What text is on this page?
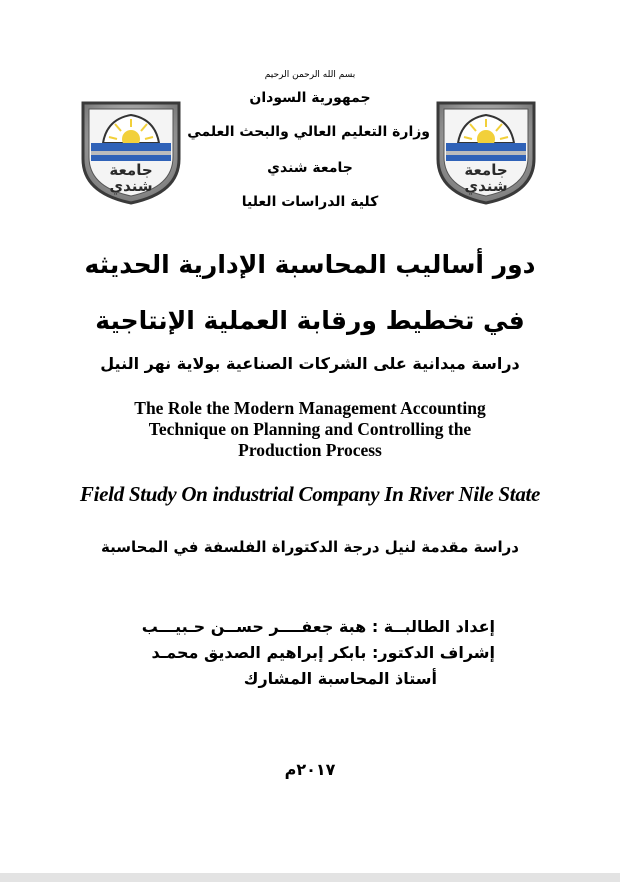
جامعة
شندي
جامعة
شندي
بسم الله الرحمن الرحيم
جمهورية السودان
وزارة التعليم العالي والبحث العلمي
جامعة شندي
كلية الدراسات العليا
دور أساليب المحاسبة الإدارية الحديثه
في تخطيط ورقابة العملية الإنتاجية
دراسة ميدانية على الشركات الصناعية بولاية نهر النيل
The Role the Modern Management Accounting
Technique on Planning and Controlling the
Production Process
Field Study On industrial Company In River Nile State
دراسة مقدمة لنيل درجة الدكتوراة الفلسفة في المحاسبة
إعداد الطالبــة : هبة جعفــــر حســن حـبيـــب
إشراف الدكتور: بابكر إبراهيم الصديق محمـد
أستاذ المحاسبة المشارك
٢٠١٧م
